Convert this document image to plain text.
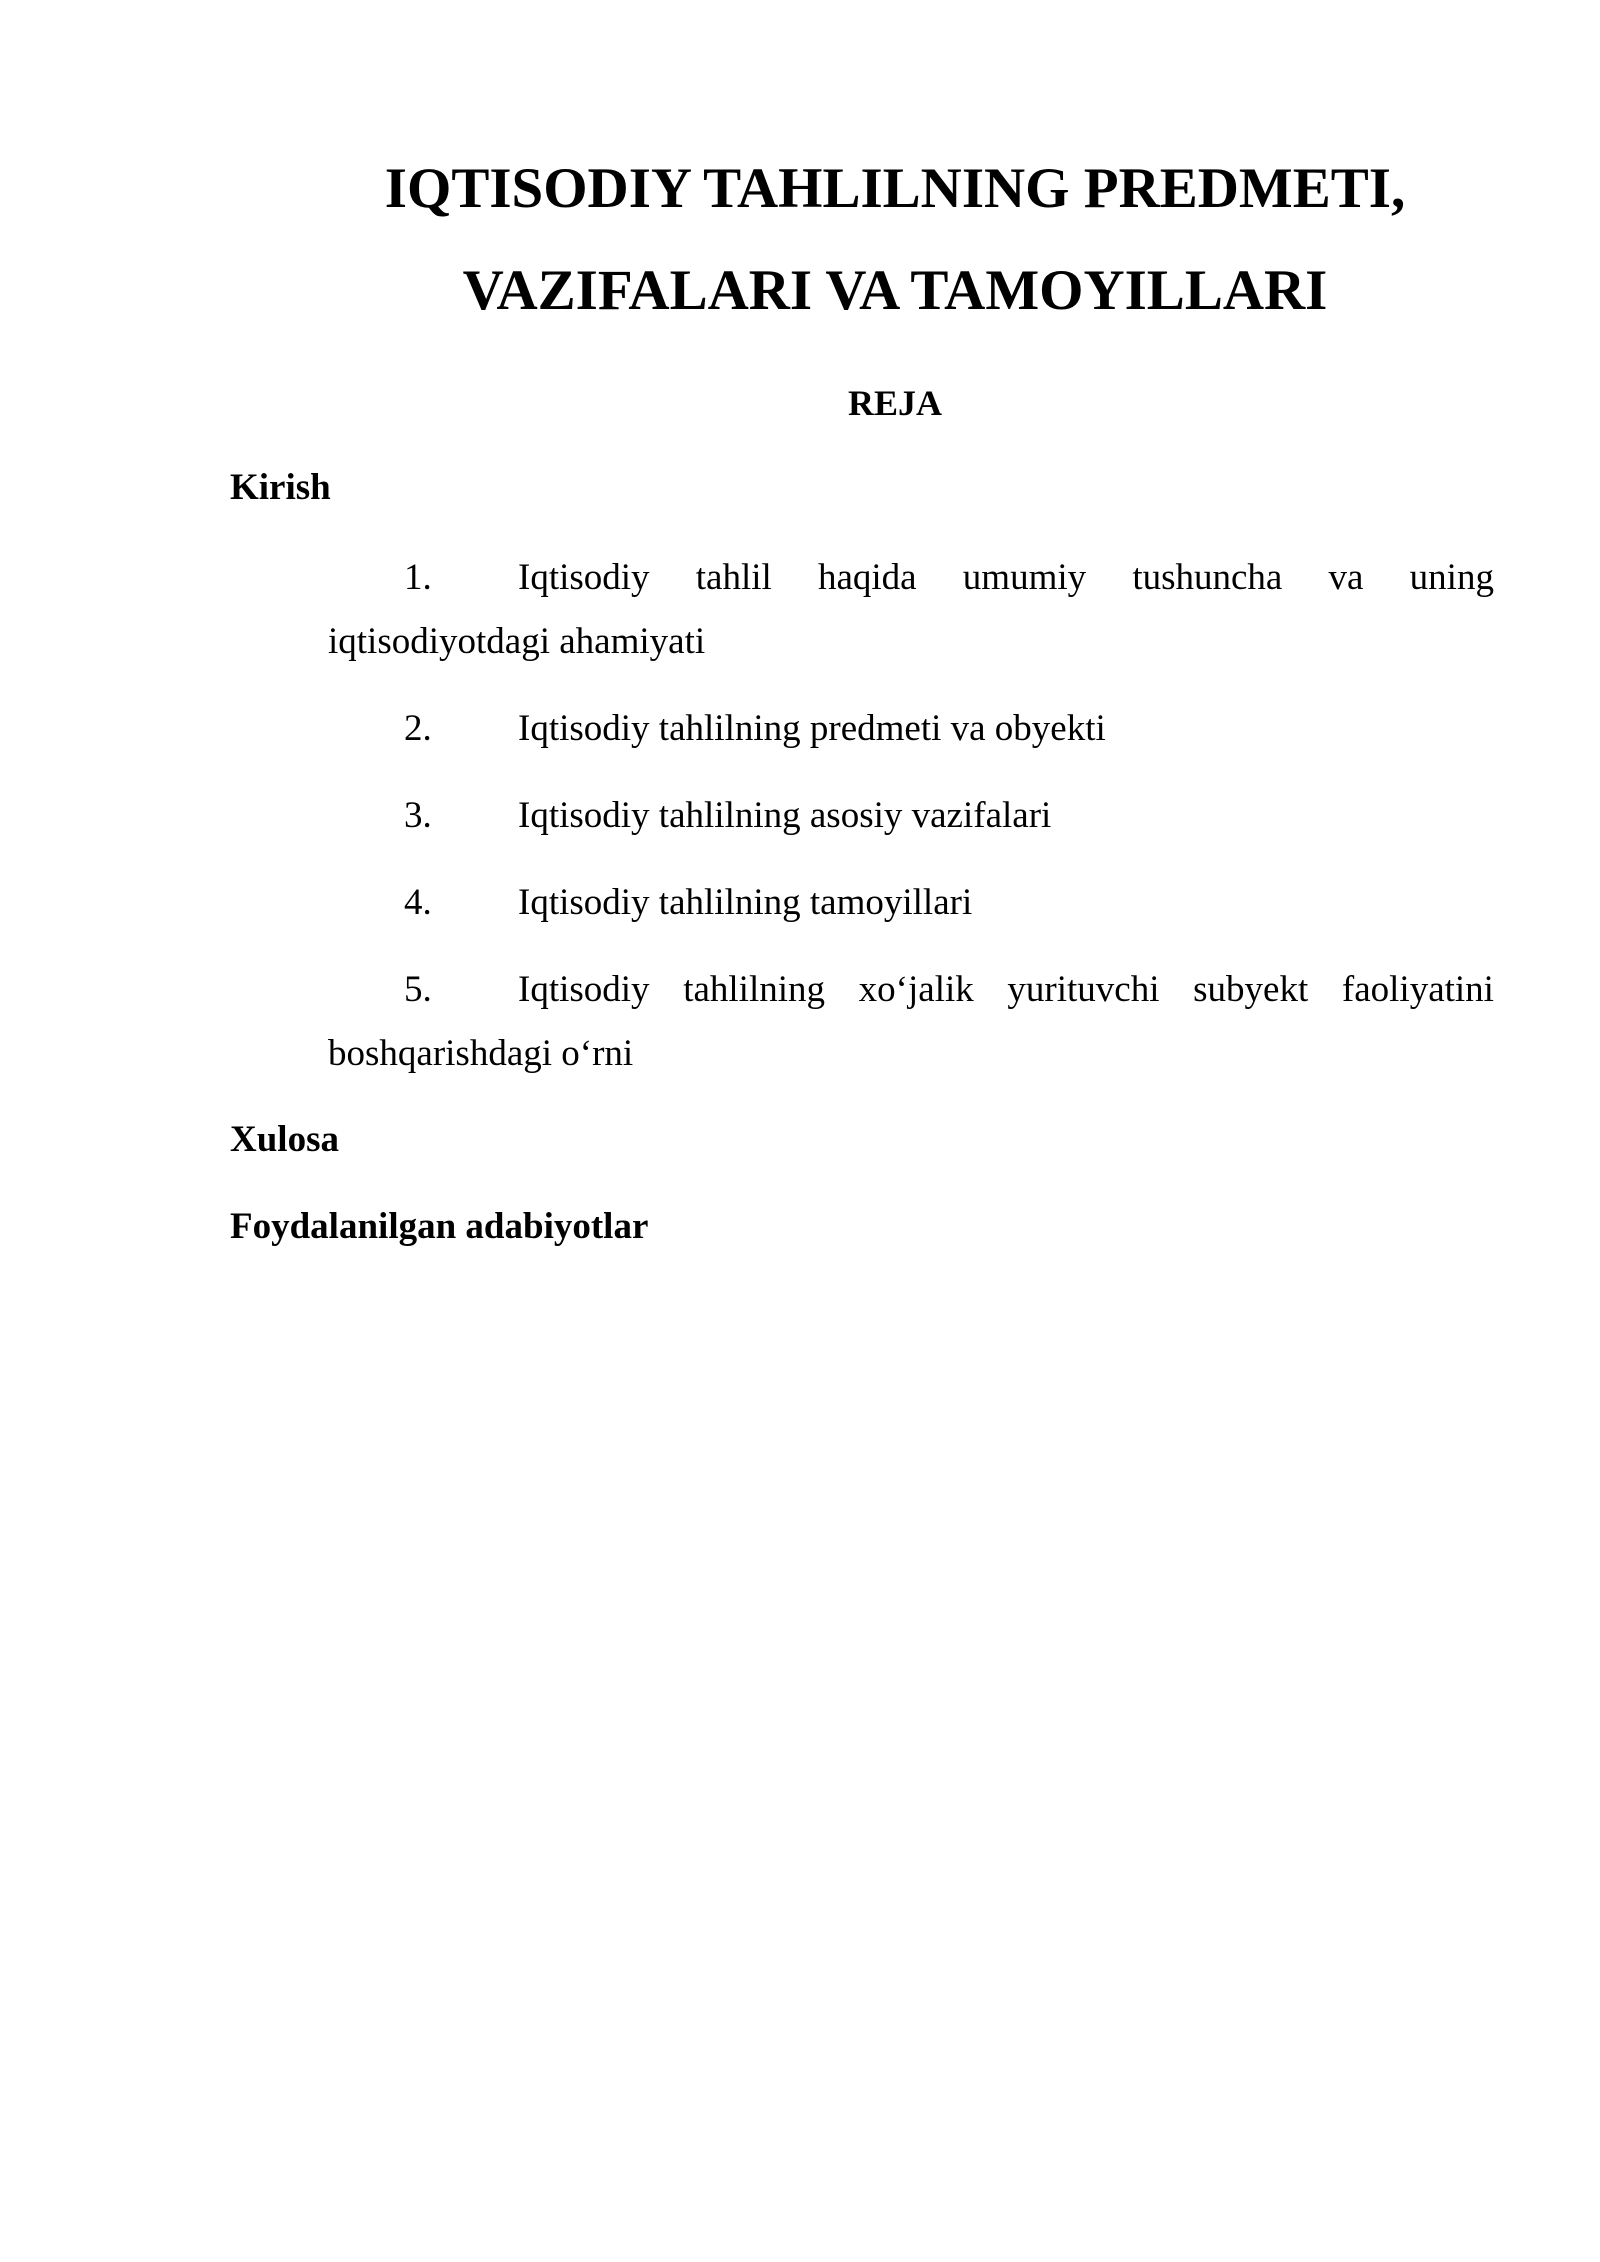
IQTISODIY TAHLILNING PREDMETI,
VAZIFALARI VA TAMOYILLARI
REJA
Kirish
1. Iqtisodiy tahlil haqida umumiy tushuncha va uning
iqtisodiyotdagi ahamiyati
2. Iqtisodiy tahlilning predmeti va obyekti
3. Iqtisodiy tahlilning asosiy vazifalari
4. Iqtisodiy tahlilning tamoyillari
5. Iqtisodiy tahlilning xo‘jalik yurituvchi subyekt faoliyatini
boshqarishdagi o‘rni
Xulosa
Foydalanilgan adabiyotlar
